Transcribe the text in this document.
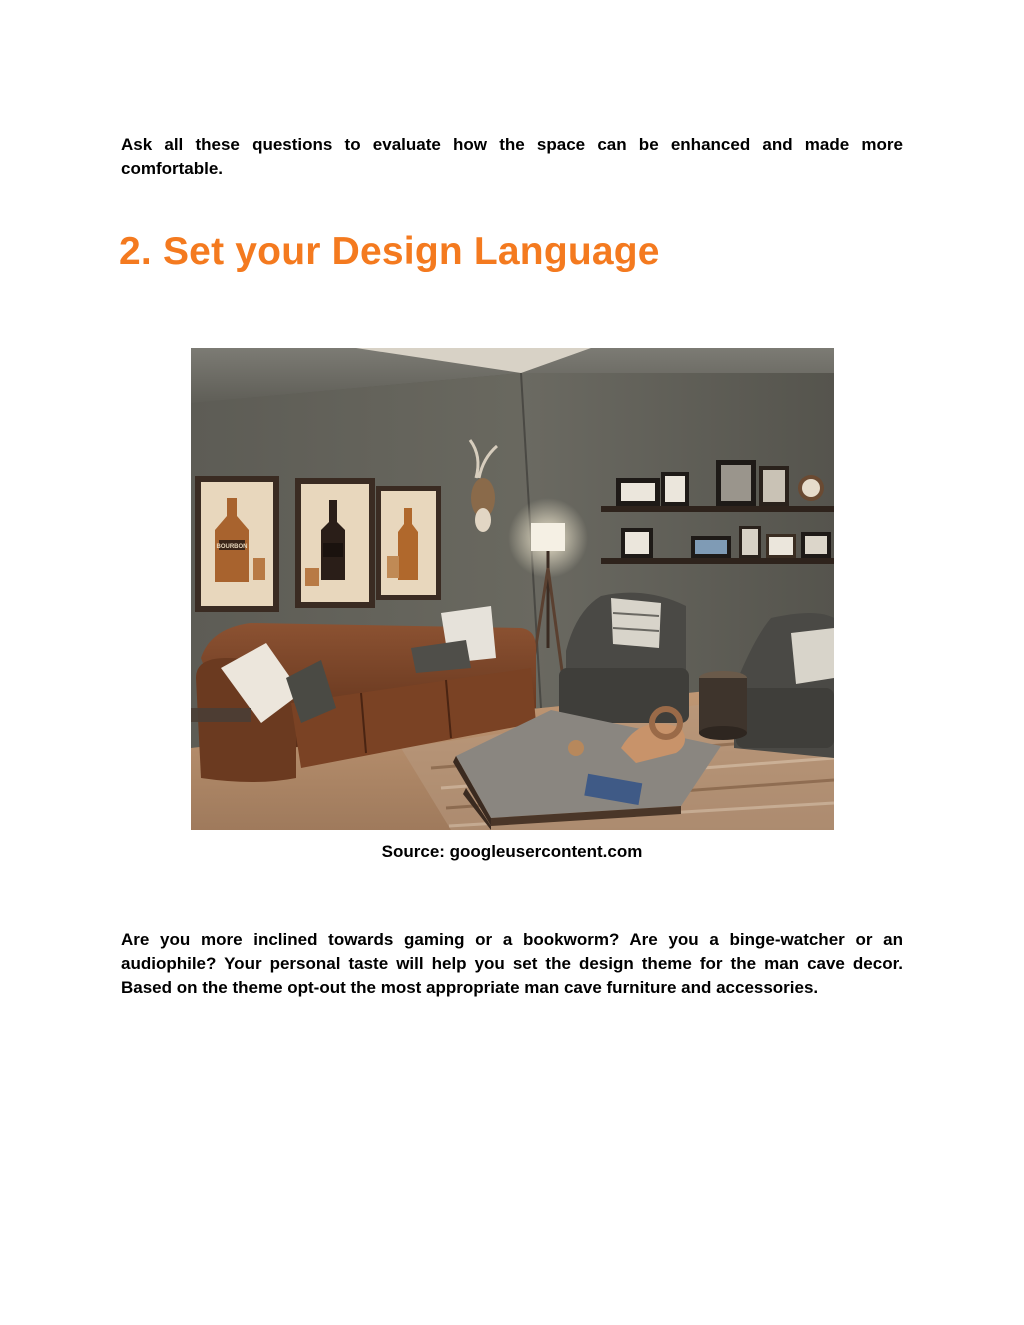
Ask all these questions to evaluate how the space can be enhanced and made more comfortable.

2. Set your Design Language
BOURBON

Source: googleusercontent.com

Are you more inclined towards gaming or a bookworm? Are you a binge-watcher or an audiophile? Your personal taste will help you set the design theme for the man cave decor. Based on the theme opt-out the most appropriate man cave furniture and accessories.
